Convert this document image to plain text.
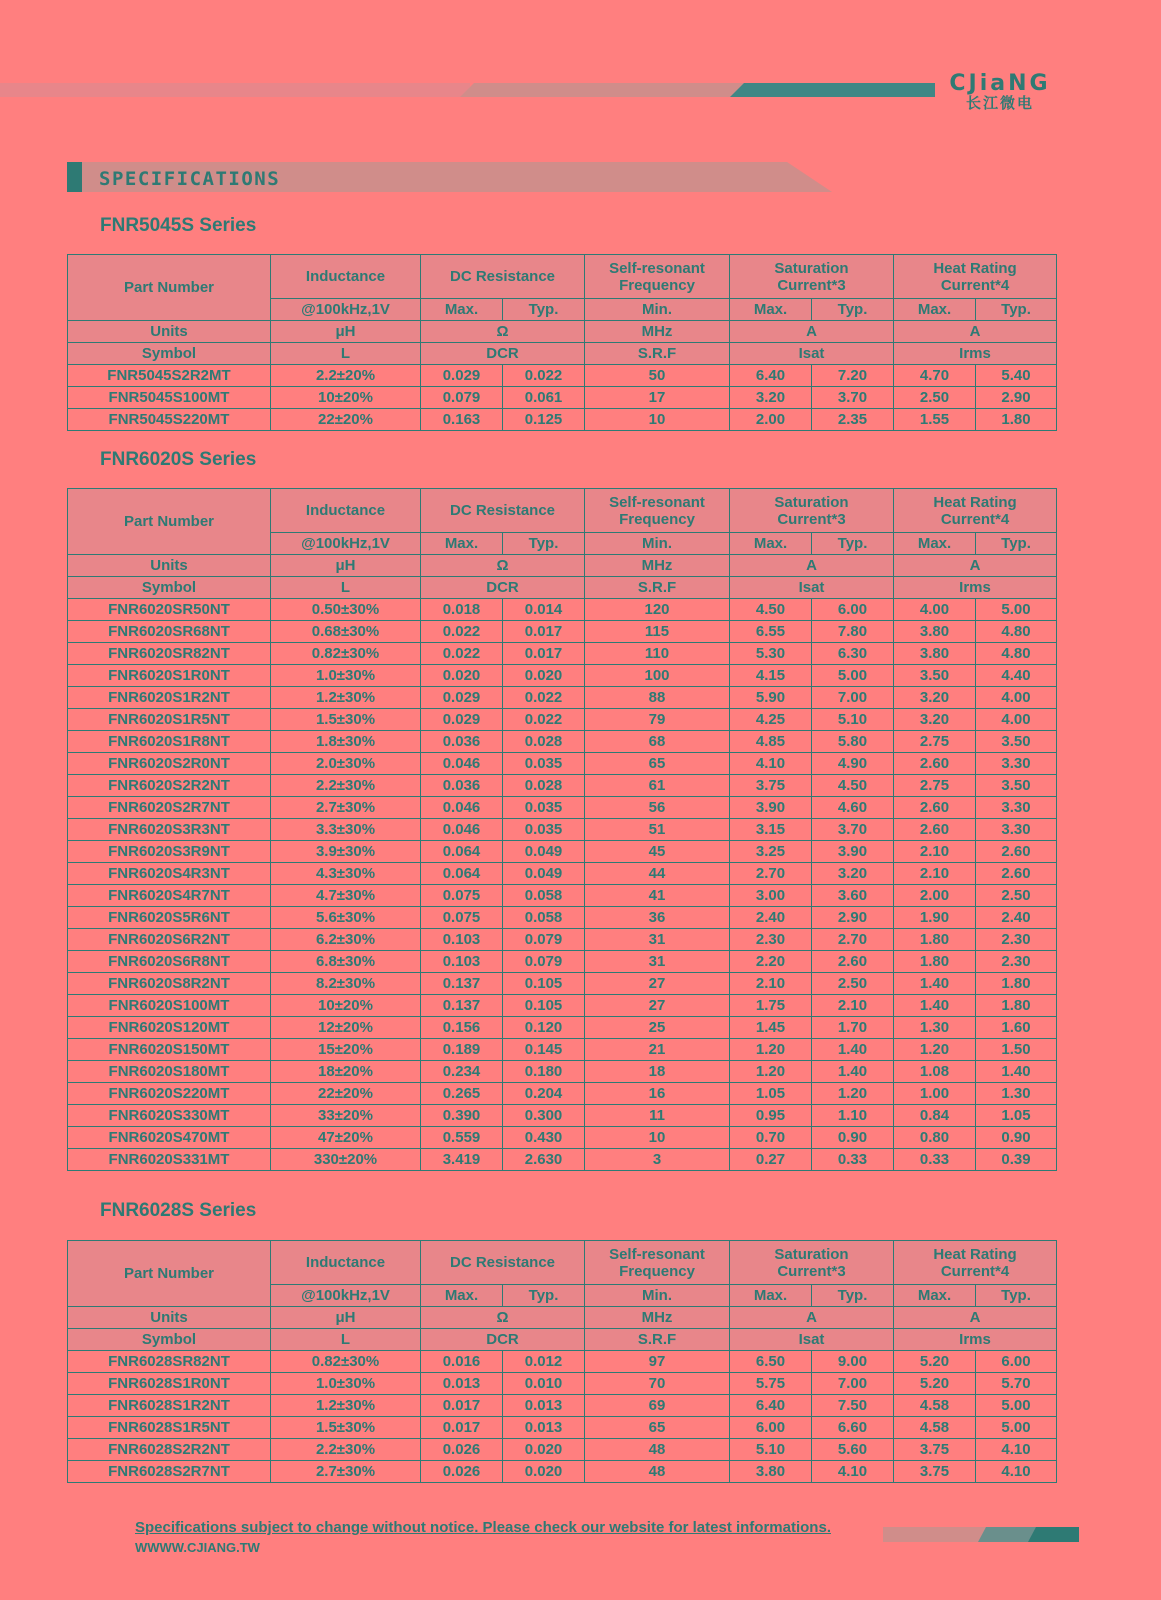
CJiaNG
长江微电
SPECIFICATIONS
FNR5045S Series
Part Number	Inductance	DC Resistance		Self-resonant
Frequency	Saturation
Current*3		Heat Rating
Current*4	
	@100kHz,1V	Max.	Typ.	Min.	Max.	Typ.	Max.	Typ.
Units	μH	Ω		MHz	A		A	
Symbol	L	DCR		S.R.F	Isat		Irms	
FNR5045S2R2MT	2.2±20%	0.029	0.022	50	6.40	7.20	4.70	5.40
FNR5045S100MT	10±20%	0.079	0.061	17	3.20	3.70	2.50	2.90
FNR5045S220MT	22±20%	0.163	0.125	10	2.00	2.35	1.55	1.80
FNR6020S Series
Part Number	Inductance	DC Resistance		Self-resonant
Frequency	Saturation
Current*3		Heat Rating
Current*4	
	@100kHz,1V	Max.	Typ.	Min.	Max.	Typ.	Max.	Typ.
Units	μH	Ω		MHz	A		A	
Symbol	L	DCR		S.R.F	Isat		Irms	
FNR6020SR50NT	0.50±30%	0.018	0.014	120	4.50	6.00	4.00	5.00
FNR6020SR68NT	0.68±30%	0.022	0.017	115	6.55	7.80	3.80	4.80
FNR6020SR82NT	0.82±30%	0.022	0.017	110	5.30	6.30	3.80	4.80
FNR6020S1R0NT	1.0±30%	0.020	0.020	100	4.15	5.00	3.50	4.40
FNR6020S1R2NT	1.2±30%	0.029	0.022	88	5.90	7.00	3.20	4.00
FNR6020S1R5NT	1.5±30%	0.029	0.022	79	4.25	5.10	3.20	4.00
FNR6020S1R8NT	1.8±30%	0.036	0.028	68	4.85	5.80	2.75	3.50
FNR6020S2R0NT	2.0±30%	0.046	0.035	65	4.10	4.90	2.60	3.30
FNR6020S2R2NT	2.2±30%	0.036	0.028	61	3.75	4.50	2.75	3.50
FNR6020S2R7NT	2.7±30%	0.046	0.035	56	3.90	4.60	2.60	3.30
FNR6020S3R3NT	3.3±30%	0.046	0.035	51	3.15	3.70	2.60	3.30
FNR6020S3R9NT	3.9±30%	0.064	0.049	45	3.25	3.90	2.10	2.60
FNR6020S4R3NT	4.3±30%	0.064	0.049	44	2.70	3.20	2.10	2.60
FNR6020S4R7NT	4.7±30%	0.075	0.058	41	3.00	3.60	2.00	2.50
FNR6020S5R6NT	5.6±30%	0.075	0.058	36	2.40	2.90	1.90	2.40
FNR6020S6R2NT	6.2±30%	0.103	0.079	31	2.30	2.70	1.80	2.30
FNR6020S6R8NT	6.8±30%	0.103	0.079	31	2.20	2.60	1.80	2.30
FNR6020S8R2NT	8.2±30%	0.137	0.105	27	2.10	2.50	1.40	1.80
FNR6020S100MT	10±20%	0.137	0.105	27	1.75	2.10	1.40	1.80
FNR6020S120MT	12±20%	0.156	0.120	25	1.45	1.70	1.30	1.60
FNR6020S150MT	15±20%	0.189	0.145	21	1.20	1.40	1.20	1.50
FNR6020S180MT	18±20%	0.234	0.180	18	1.20	1.40	1.08	1.40
FNR6020S220MT	22±20%	0.265	0.204	16	1.05	1.20	1.00	1.30
FNR6020S330MT	33±20%	0.390	0.300	11	0.95	1.10	0.84	1.05
FNR6020S470MT	47±20%	0.559	0.430	10	0.70	0.90	0.80	0.90
FNR6020S331MT	330±20%	3.419	2.630	3	0.27	0.33	0.33	0.39
FNR6028S Series
Part Number	Inductance	DC Resistance		Self-resonant
Frequency	Saturation
Current*3		Heat Rating
Current*4	
	@100kHz,1V	Max.	Typ.	Min.	Max.	Typ.	Max.	Typ.
Units	μH	Ω		MHz	A		A	
Symbol	L	DCR		S.R.F	Isat		Irms	
FNR6028SR82NT	0.82±30%	0.016	0.012	97	6.50	9.00	5.20	6.00
FNR6028S1R0NT	1.0±30%	0.013	0.010	70	5.75	7.00	5.20	5.70
FNR6028S1R2NT	1.2±30%	0.017	0.013	69	6.40	7.50	4.58	5.00
FNR6028S1R5NT	1.5±30%	0.017	0.013	65	6.00	6.60	4.58	5.00
FNR6028S2R2NT	2.2±30%	0.026	0.020	48	5.10	5.60	3.75	4.10
FNR6028S2R7NT	2.7±30%	0.026	0.020	48	3.80	4.10	3.75	4.10
Specifications subject to change without notice. Please check our website for latest informations.
WWWW.CJIANG.TW
